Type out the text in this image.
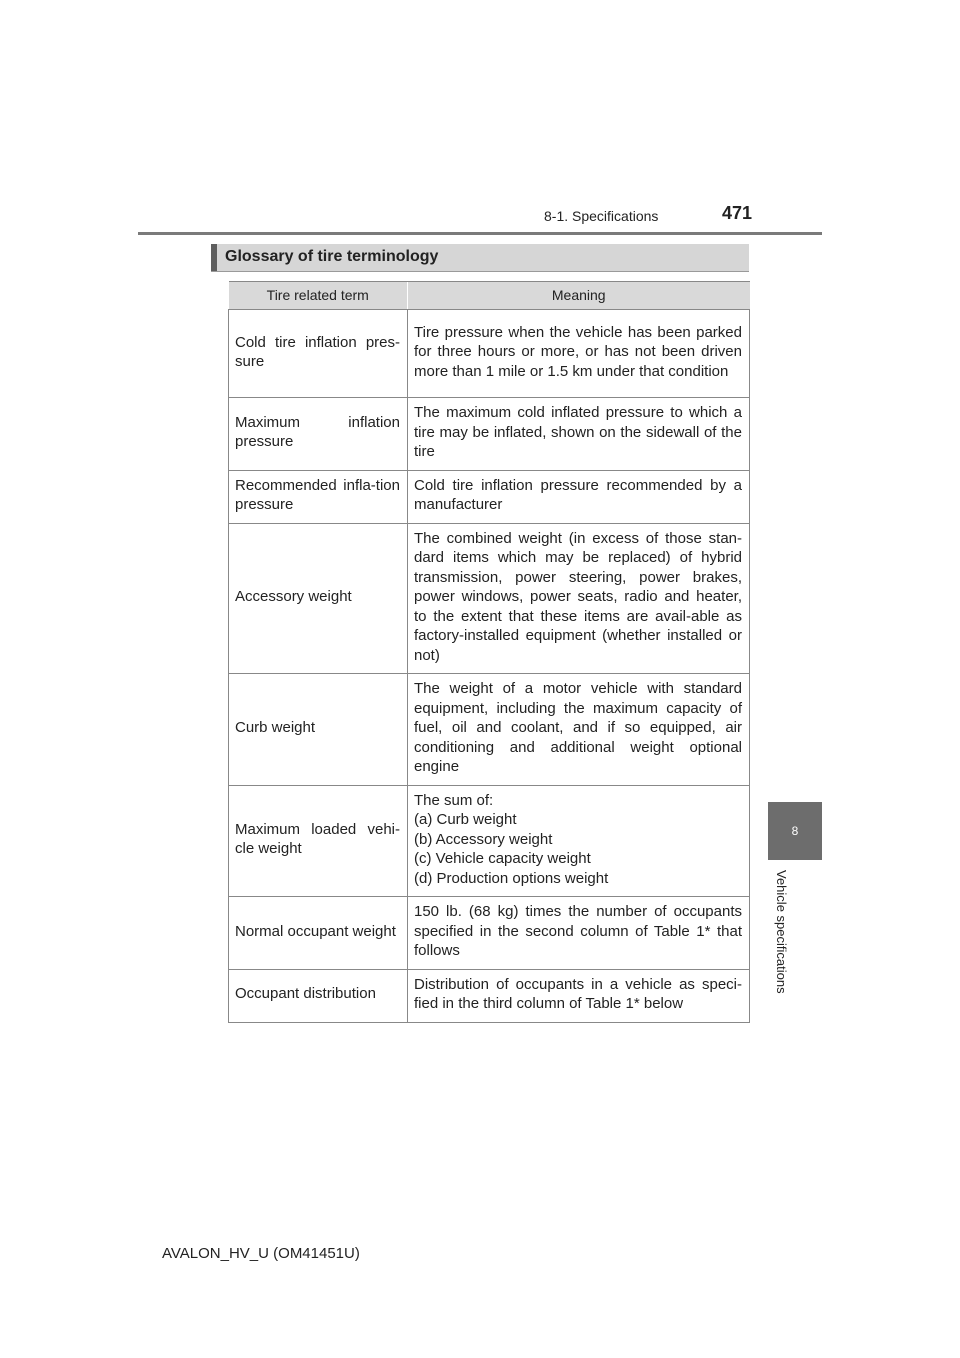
8-1. Specifications	471
8
Vehicle specifications
Glossary of tire terminology
Tire related term	Meaning
Cold tire inflation pres-sure	Tire pressure when the vehicle has been parked for three hours or more, or has not been driven more than 1 mile or 1.5 km under that condition
Maximum inflation pressure	The maximum cold inflated pressure to which a tire may be inflated, shown on the sidewall of the tire
Recommended infla-tion pressure	Cold tire inflation pressure recommended by a manufacturer
Accessory weight	The combined weight (in excess of those stan-dard items which may be replaced) of hybrid transmission, power steering, power brakes, power windows, power seats, radio and heater, to the extent that these items are avail-able as factory-installed equipment (whether installed or not)
Curb weight	The weight of a motor vehicle with standard equipment, including the maximum capacity of fuel, oil and coolant, and if so equipped, air conditioning and additional weight optional engine
Maximum loaded vehi-cle weight	The sum of:
(a) Curb weight
(b) Accessory weight
(c) Vehicle capacity weight
(d) Production options weight
Normal occupant weight	150 lb. (68 kg) times the number of occupants specified in the second column of Table 1* that follows
Occupant distribution	Distribution of occupants in a vehicle as speci-fied in the third column of Table 1* below
AVALON_HV_U (OM41451U)
